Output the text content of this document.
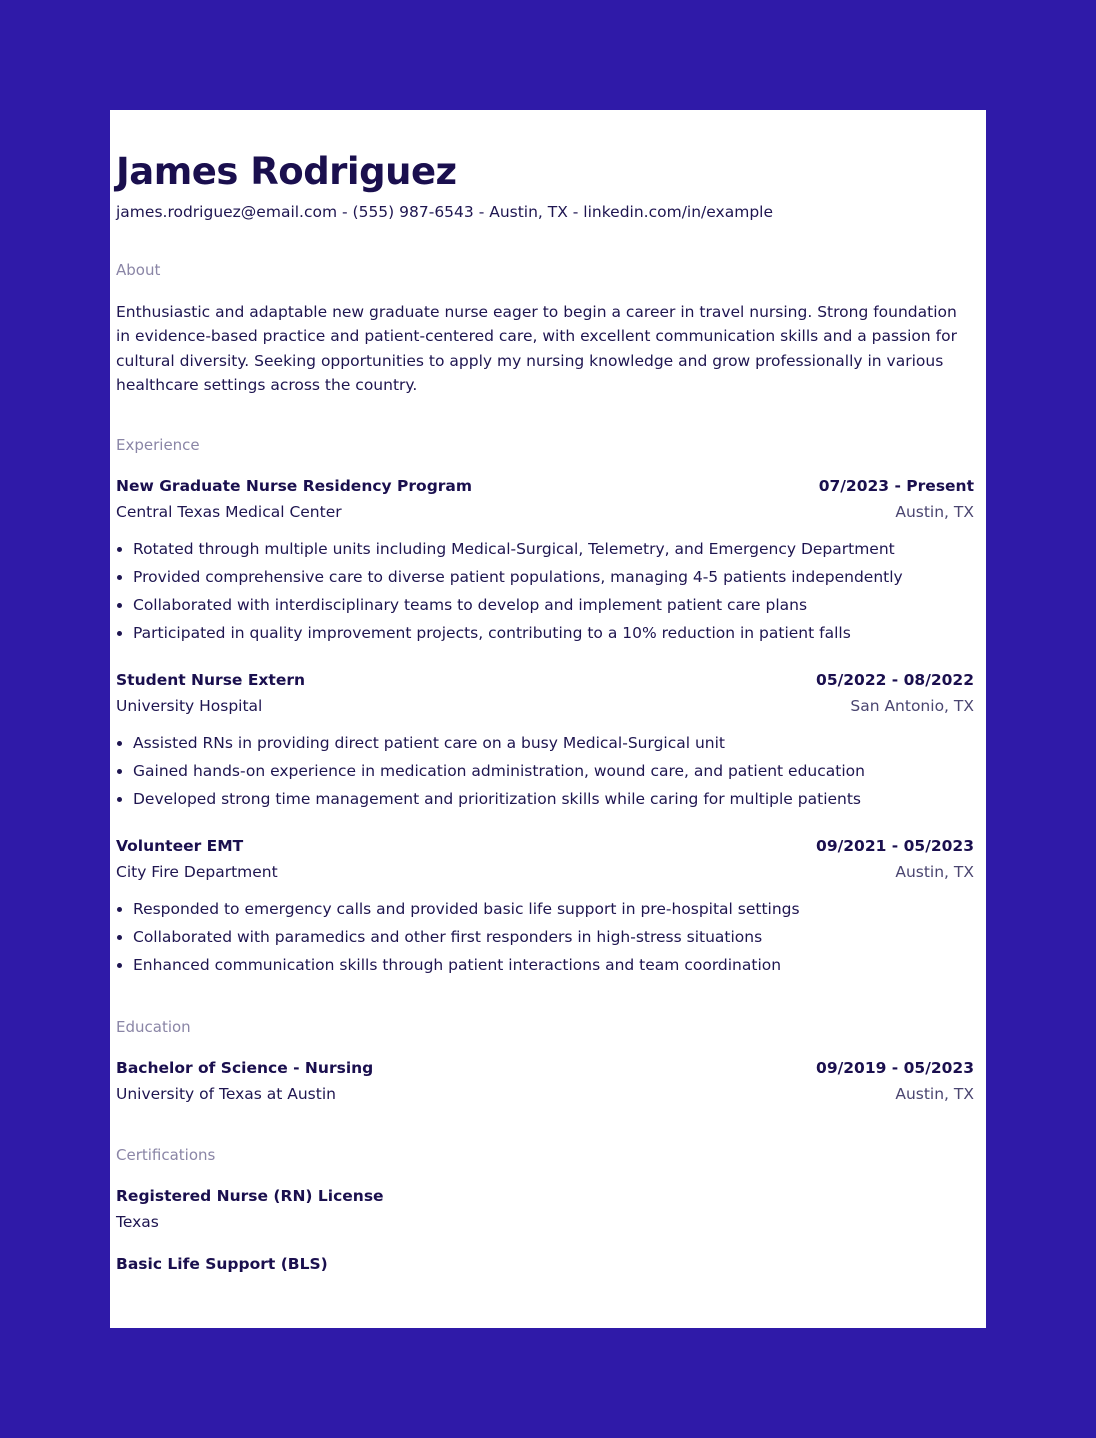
James Rodriguez
james.rodriguez@email.com - (555) 987-6543 - Austin, TX - linkedin.com/in/example
About
Enthusiastic and adaptable new graduate nurse eager to begin a career in travel nursing. Strong foundation in evidence-based practice and patient-centered care, with excellent communication skills and a passion for cultural diversity. Seeking opportunities to apply my nursing knowledge and grow professionally in various healthcare settings across the country.
Experience
New Graduate Nurse Residency Program	07/2023 - Present
Central Texas Medical Center	Austin, TX
• Rotated through multiple units including Medical-Surgical, Telemetry, and Emergency Department
• Provided comprehensive care to diverse patient populations, managing 4-5 patients independently
• Collaborated with interdisciplinary teams to develop and implement patient care plans
• Participated in quality improvement projects, contributing to a 10% reduction in patient falls
Student Nurse Extern	05/2022 - 08/2022
University Hospital	San Antonio, TX
• Assisted RNs in providing direct patient care on a busy Medical-Surgical unit
• Gained hands-on experience in medication administration, wound care, and patient education
• Developed strong time management and prioritization skills while caring for multiple patients
Volunteer EMT	09/2021 - 05/2023
City Fire Department	Austin, TX
• Responded to emergency calls and provided basic life support in pre-hospital settings
• Collaborated with paramedics and other first responders in high-stress situations
• Enhanced communication skills through patient interactions and team coordination
Education
Bachelor of Science - Nursing	09/2019 - 05/2023
University of Texas at Austin	Austin, TX
Certifications
Registered Nurse (RN) License
Texas
Basic Life Support (BLS)
